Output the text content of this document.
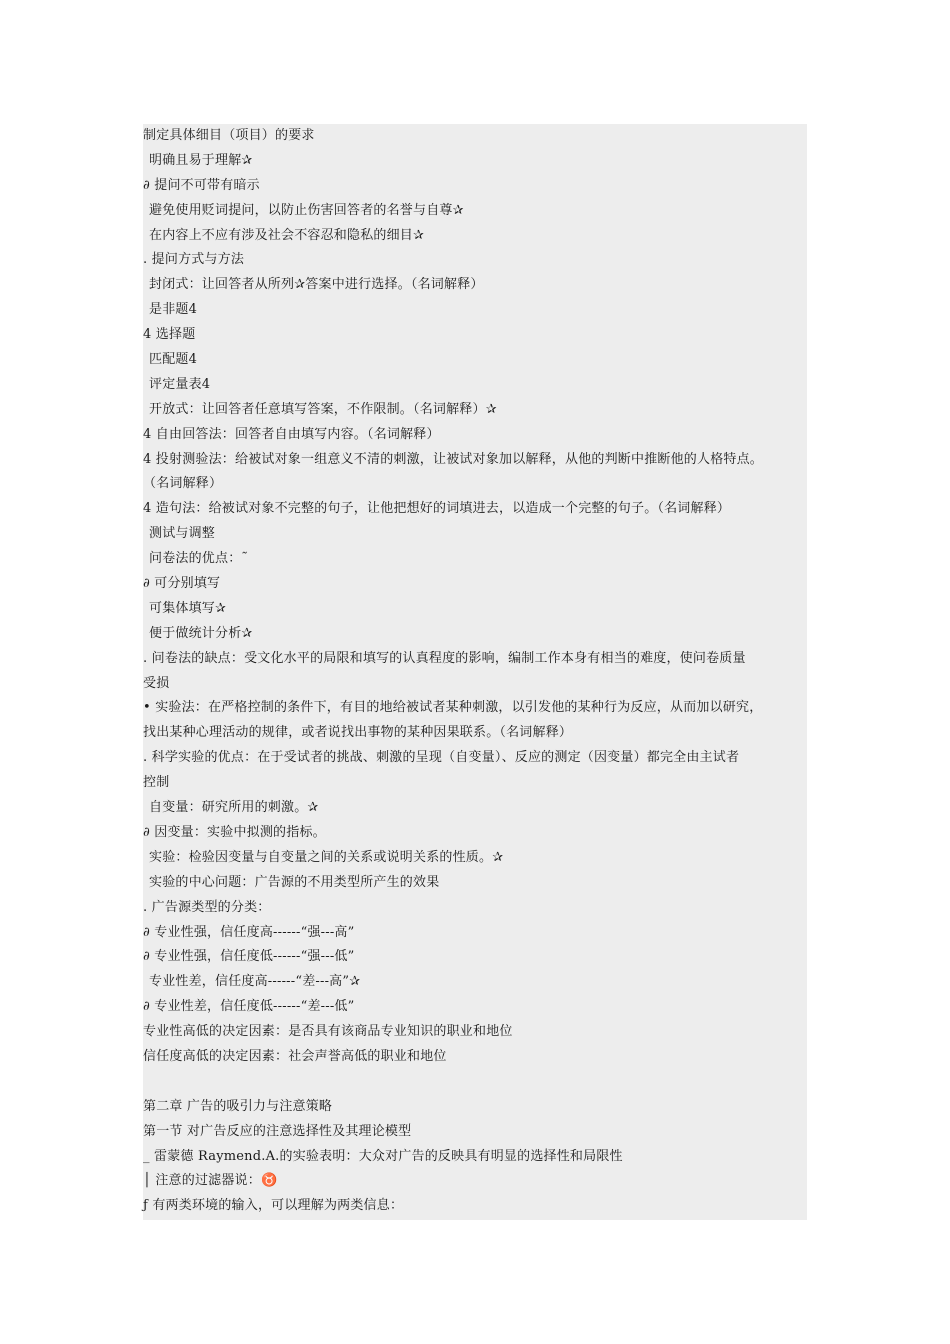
制定具体细目（项目）的要求
明确且易于理解✰
∂ 提问不可带有暗示
避免使用贬词提问，以防止伤害回答者的名誉与自尊✰
在内容上不应有涉及社会不容忍和隐私的细目✰
. 提问方式与方法
封闭式：让回答者从所列✰答案中进行选择。（名词解释）
是非题4
4 选择题
匹配题4
评定量表4
开放式：让回答者任意填写答案，不作限制。（名词解释）✰
4 自由回答法：回答者自由填写内容。（名词解释）
4 投射测验法：给被试对象一组意义不清的刺激，让被试对象加以解释，从他的判断中推断他的人格特点。
（名词解释）
4 造句法：给被试对象不完整的句子，让他把想好的词填进去，以造成一个完整的句子。（名词解释）
测试与调整
问卷法的优点：˜
∂ 可分别填写
可集体填写✰
便于做统计分析✰
. 问卷法的缺点：受文化水平的局限和填写的认真程度的影响，编制工作本身有相当的难度，使问卷质量
受损
• 实验法：在严格控制的条件下，有目的地给被试者某种刺激，以引发他的某种行为反应，从而加以研究，
找出某种心理活动的规律，或者说找出事物的某种因果联系。（名词解释）
. 科学实验的优点：在于受试者的挑战、刺激的呈现（自变量）、反应的测定（因变量）都完全由主试者
控制
自变量：研究所用的刺激。✰
∂ 因变量：实验中拟测的指标。
实验：检验因变量与自变量之间的关系或说明关系的性质。✰
实验的中心问题：广告源的不用类型所产生的效果
. 广告源类型的分类：
∂ 专业性强，信任度高------“强---高”
∂ 专业性强，信任度低------“强---低”
专业性差，信任度高------“差---高”✰
∂ 专业性差，信任度低------“差---低”
专业性高低的决定因素：是否具有该商品专业知识的职业和地位
信任度高低的决定因素：社会声誉高低的职业和地位
第二章 广告的吸引力与注意策略
第一节 对广告反应的注意选择性及其理论模型
_ 雷蒙德 Raymend.A.的实验表明：大众对广告的反映具有明显的选择性和局限性
│ 注意的过滤器说：♉
ƒ 有两类环境的输入，可以理解为两类信息：
